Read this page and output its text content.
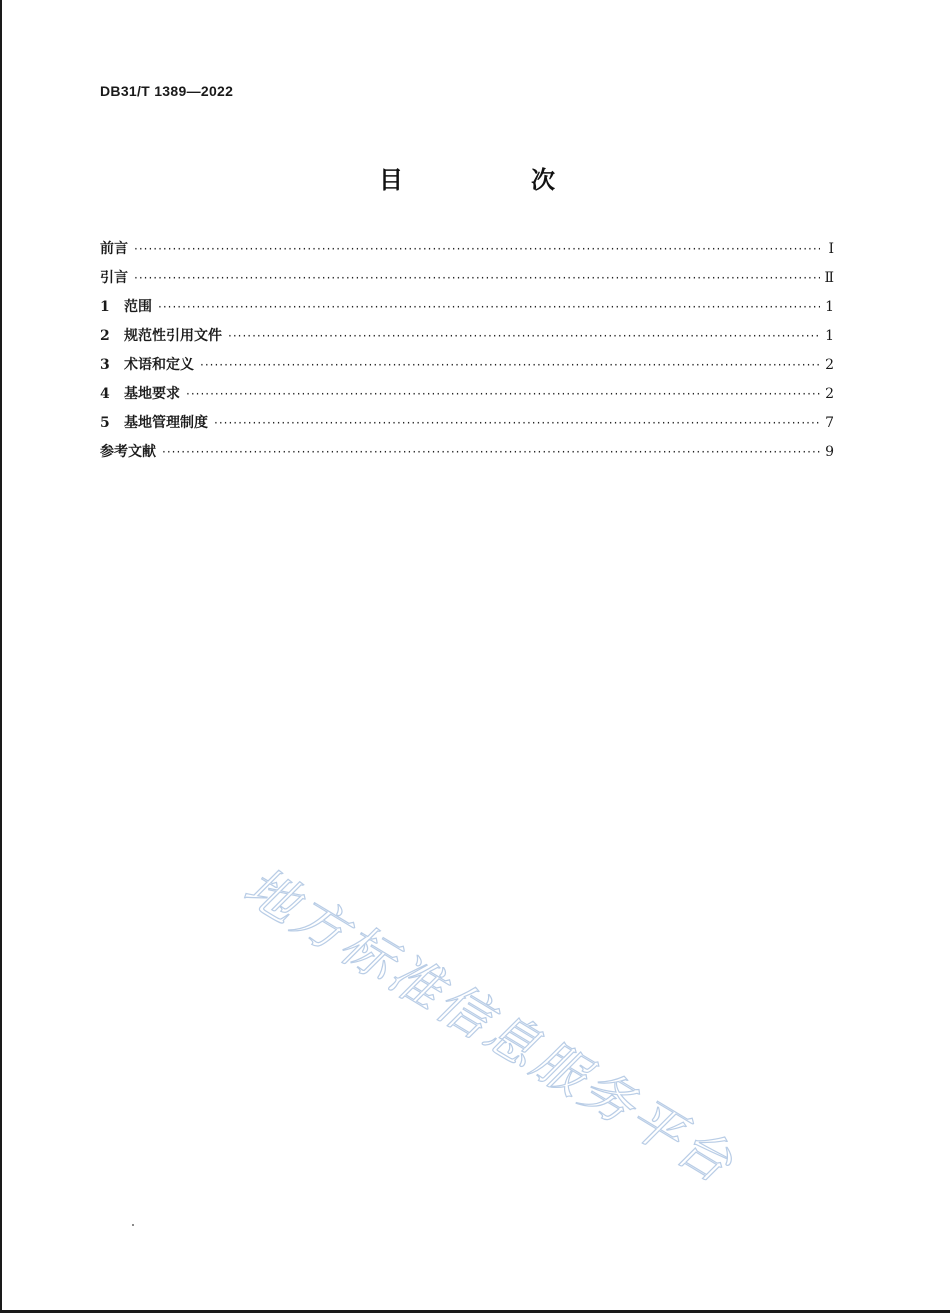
DB31/T 1389—2022
目　次
前言 ·····	Ⅰ
引言 ·····	Ⅱ
1	范围 ·····	1
2	规范性引用文件 ·····	1
3	术语和定义 ·····	2
4	基地要求 ·····	2
5	基地管理制度 ·····	7
参考文献 ·····	9
地方标准信息服务平台
